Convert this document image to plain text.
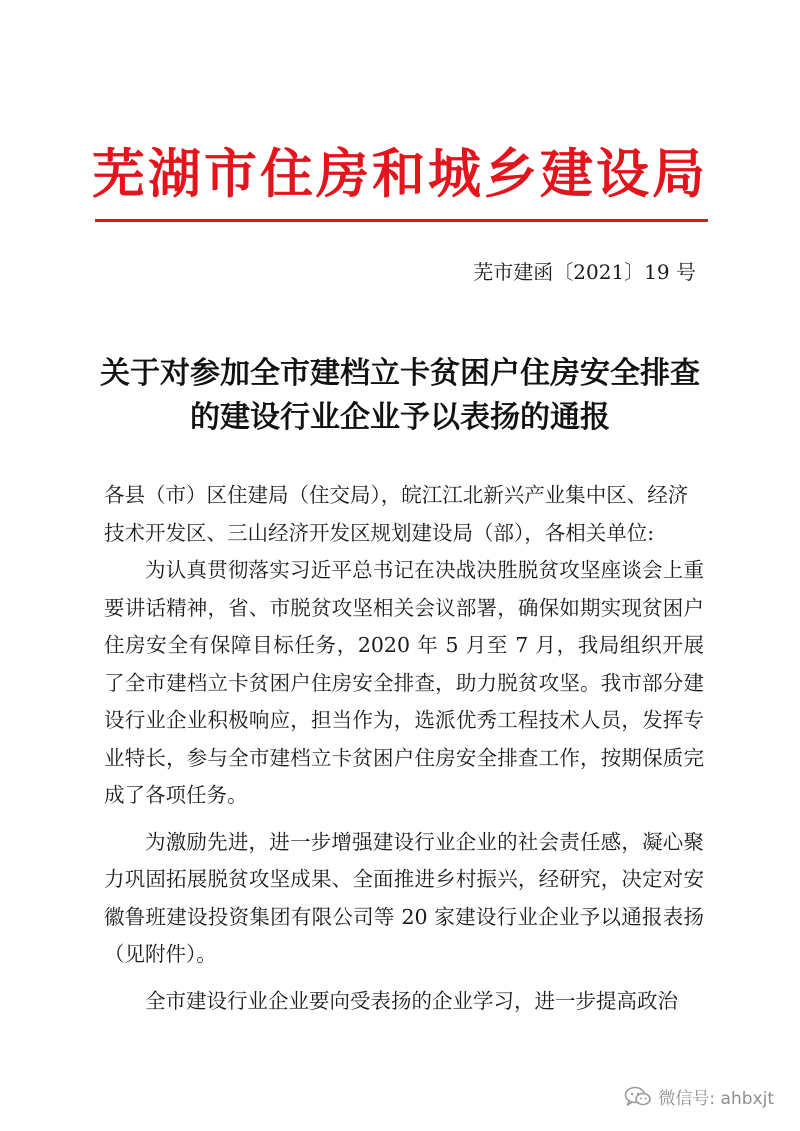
芜湖市住房和城乡建设局
芜市建函〔2021〕19 号
关于对参加全市建档立卡贫困户住房安全排查
的建设行业企业予以表扬的通报

各县（市）区住建局（住交局），皖江江北新兴产业集中区、经济

技术开发区、三山经济开发区规划建设局（部），各相关单位:

为认真贯彻落实习近平总书记在决战决胜脱贫攻坚座谈会上重要讲话精神，省、市脱贫攻坚相关会议部署，确保如期实现贫困户住房安全有保障目标任务，2020 年 5 月至 7 月，我局组织开展了全市建档立卡贫困户住房安全排查，助力脱贫攻坚。我市部分建设行业企业积极响应，担当作为，选派优秀工程技术人员，发挥专业特长，参与全市建档立卡贫困户住房安全排查工作，按期保质完成了各项任务。

为激励先进，进一步增强建设行业企业的社会责任感，凝心聚力巩固拓展脱贫攻坚成果、全面推进乡村振兴，经研究，决定对安徽鲁班建设投资集团有限公司等 20 家建设行业企业予以通报表扬（见附件）。

全市建设行业企业要向受表扬的企业学习，进一步提高政治

微信号: ahbxjt
